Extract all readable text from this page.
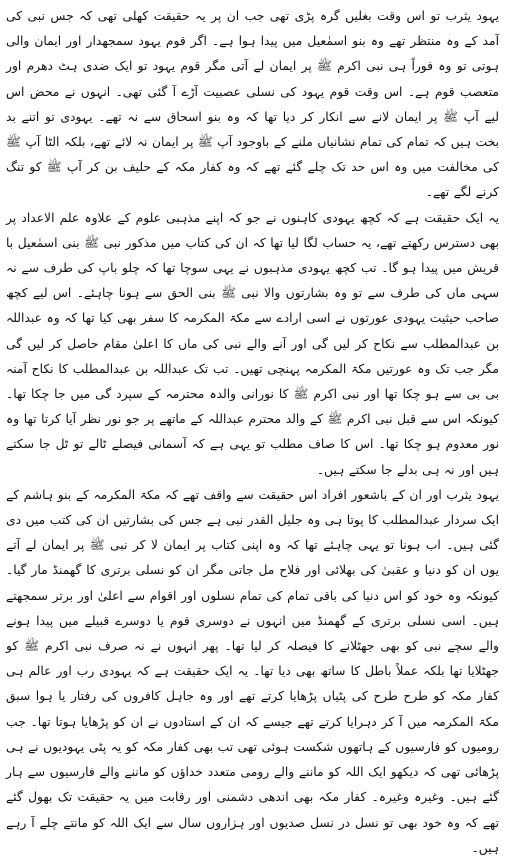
یہود یثرب تو اس وقت بغلیں گرہ پڑی تھی جب ان پر یہ حقیقت کھلی تھی کہ جس نبی کی آمد کے وہ منتظر تھے وہ بنو اسمٰعیل میں پیدا ہوا ہے۔ اگر قوم یہود سمجھدار اور ایمان والی ہوتی تو وہ فوراً ہی نبی اکرم ﷺ پر ایمان لے آتی مگر قوم یہود تو ایک ضدی ہٹ دھرم اور متعصب قوم ہے۔ اس وقت قوم یہود کی نسلی عصبیت آڑے آ گئی تھی۔ انہوں نے محض اس لیے آپ ﷺ پر ایمان لانے سے انکار کر دیا تھا کہ وہ بنو اسحاق سے نہ تھے۔ یہودی تو اتنے بد بخت ہیں کہ تمام کی تمام نشانیاں ملنے کے باوجود آپ ﷺ پر ایمان نہ لائے تھے، بلکہ الٹا آپ ﷺ کی مخالفت میں وہ اس حد تک چلے گئے تھے کہ وہ کفار مکہ کے حلیف بن کر آپ ﷺ کو تنگ کرنے لگے تھے۔

یہ ایک حقیقت ہے کہ کچھ یہودی کاہنوں نے جو کہ اپنے مذہبی علوم کے علاوہ علم الاعداد پر بھی دسترس رکھتے تھے، یہ حساب لگا لیا تھا کہ ان کی کتاب میں مذکور نبی ﷺ بنی اسمٰعیل با قریش میں پیدا ہو گا۔ تب کچھ یہودی مذہبوں نے یہی سوچا تھا کہ چلو باپ کی طرف سے نہ سہی ماں کی طرف سے تو وہ بشارتوں والا نبی ﷺ بنی الحق سے ہونا چاہئے۔ اس لیے کچھ صاحب حیثیت یہودی عورتوں نے اسی ارادے سے مکۃ المکرمہ کا سفر بھی کیا تھا کہ وہ عبداللہ بن عبدالمطلب سے نکاح کر لیں گی اور آنے والے نبی کی ماں کا اعلیٰ مقام حاصل کر لیں گی مگر جب تک وہ عورتیں مکۃ المکرمہ پہنچی تھیں۔ تب تک عبداللہ بن عبدالمطلب کا نکاح آمنہ بی بی سے ہو چکا تھا اور نبی اکرم ﷺ کا نورانی والدہ محترمہ کے سپرد گی میں جا چکا تھا۔ کیونکہ اس سے قبل نبی اکرم ﷺ کے والد محترم عبداللہ کے ماتھے پر جو نور نظر آیا کرتا تھا وہ نور معدوم ہو چکا تھا۔ اس کا صاف مطلب تو یہی ہے کہ آسمانی فیصلے ٹالے تو ٹل جا سکتے ہیں اور نہ ہی بدلے جا سکتے ہیں۔

یہود یثرب اور ان کے باشعور افراد اس حقیقت سے واقف تھے کہ مکۃ المکرمہ کے بنو ہاشم کے ایک سردار عبدالمطلب کا پوتا ہی وہ جلیل القدر نبی ہے جس کی بشارتیں ان کی کتب میں دی گئی ہیں۔ اب ہونا تو یہی چاہئے تھا کہ وہ اپنی کتاب پر ایمان لا کر نبی ﷺ پر ایمان لے آتے یوں ان کو دنیا و عقبیٰ کی بھلائی اور فلاح مل جاتی مگر ان کو نسلی برتری کا گھمنڈ مار گیا۔ کیونکہ وہ خود کو اس دنیا کی باقی تمام کی تمام نسلوں اور اقوام سے اعلیٰ اور برتر سمجھتے ہیں۔ اسی نسلی برتری کے گھمنڈ میں انہوں نے دوسری قوم یا دوسرے قبیلے میں پیدا ہونے والے سچے نبی کو بھی جھٹلانے کا فیصلہ کر لیا تھا۔ پھر انہوں نے نہ صرف نبی اکرم ﷺ کو جھٹلایا تھا بلکہ عملاً باطل کا ساتھ بھی دیا تھا۔ یہ ایک حقیقت ہے کہ یہودی رب اور عالم ہی کفار مکہ کو طرح طرح کی پٹیاں پڑھایا کرتے تھے اور وہ جاہل کافروں کی رفتار یا ہوا سبق مکۃ المکرمہ میں آ کر دہرایا کرتے تھے جیسے کہ ان کے استادوں نے ان کو پڑھایا ہوتا تھا۔ جب رومیوں کو فارسیوں کے ہاتھوں شکست ہوئی تھی تب بھی کفار مکہ کو یہ پٹی یہودیوں نے ہی پڑھائی تھی کہ دیکھو ایک اللہ کو ماننے والے رومی متعدد خداؤں کو ماننے والے فارسیوں سے ہار گئے ہیں۔ وغیرہ وغیرہ۔ کفار مکہ بھی اندھی دشمنی اور رقابت میں یہ حقیقت تک بھول گئے تھے کہ وہ خود بھی تو نسل در نسل صدیوں اور ہزاروں سال سے ایک اللہ کو مانتے چلے آ رہے ہیں۔
